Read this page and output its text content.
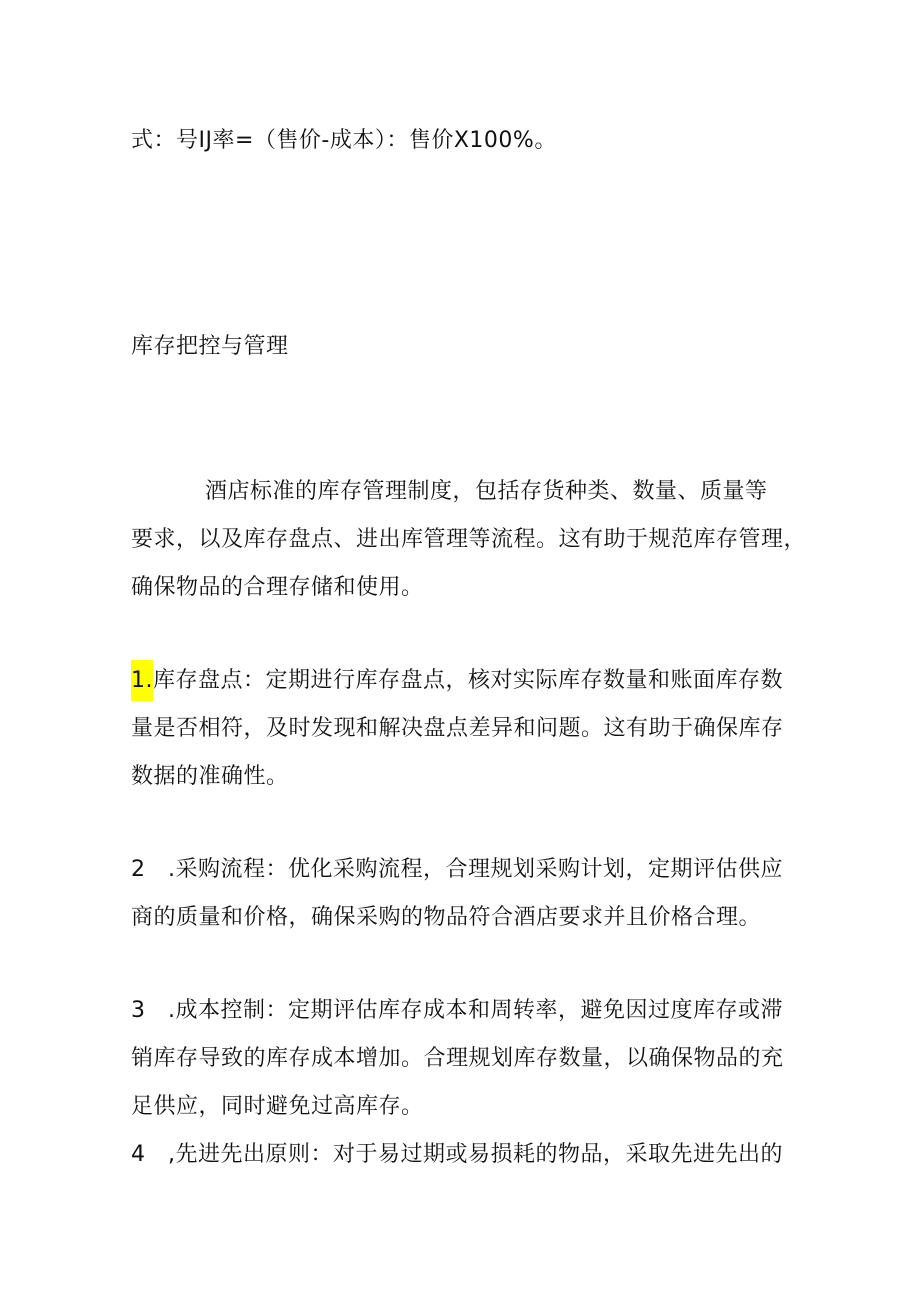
式：号IJ率=（售价-成本）：售价X100%。
库存把控与管理
酒店标准的库存管理制度，包括存货种类、数量、质量等
要求，以及库存盘点、进出库管理等流程。这有助于规范库存管理，
确保物品的合理存储和使用。
1.库存盘点：定期进行库存盘点，核对实际库存数量和账面库存数
量是否相符，及时发现和解决盘点差异和问题。这有助于确保库存
数据的准确性。
2 .采购流程：优化采购流程，合理规划采购计划，定期评估供应
商的质量和价格，确保采购的物品符合酒店要求并且价格合理。
3 .成本控制：定期评估库存成本和周转率，避免因过度库存或滞
销库存导致的库存成本增加。合理规划库存数量，以确保物品的充
足供应，同时避免过高库存。
4 ,先进先出原则：对于易过期或易损耗的物品，采取先进先出的
